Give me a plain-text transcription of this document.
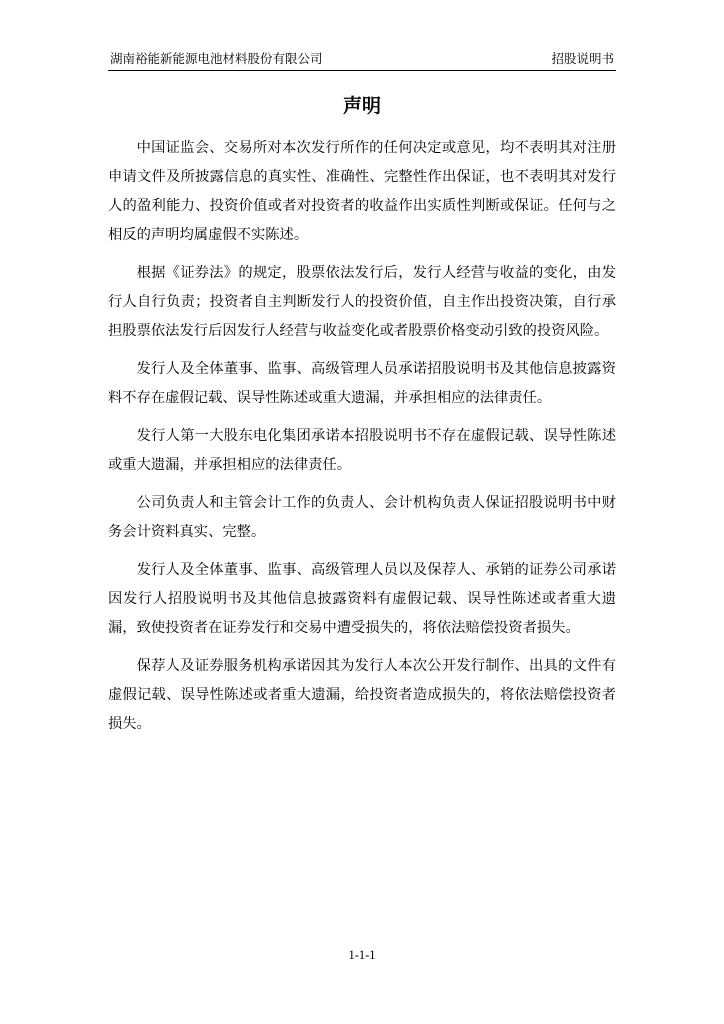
湖南裕能新能源电池材料股份有限公司	招股说明书
声明

中国证监会、交易所对本次发行所作的任何决定或意见，均不表明其对注册申请文件及所披露信息的真实性、准确性、完整性作出保证，也不表明其对发行人的盈利能力、投资价值或者对投资者的收益作出实质性判断或保证。任何与之相反的声明均属虚假不实陈述。

根据《证券法》的规定，股票依法发行后，发行人经营与收益的变化，由发行人自行负责；投资者自主判断发行人的投资价值，自主作出投资决策，自行承担股票依法发行后因发行人经营与收益变化或者股票价格变动引致的投资风险。

发行人及全体董事、监事、高级管理人员承诺招股说明书及其他信息披露资料不存在虚假记载、误导性陈述或重大遗漏，并承担相应的法律责任。

发行人第一大股东电化集团承诺本招股说明书不存在虚假记载、误导性陈述或重大遗漏，并承担相应的法律责任。

公司负责人和主管会计工作的负责人、会计机构负责人保证招股说明书中财务会计资料真实、完整。

发行人及全体董事、监事、高级管理人员以及保荐人、承销的证券公司承诺因发行人招股说明书及其他信息披露资料有虚假记载、误导性陈述或者重大遗漏，致使投资者在证券发行和交易中遭受损失的，将依法赔偿投资者损失。

保荐人及证券服务机构承诺因其为发行人本次公开发行制作、出具的文件有虚假记载、误导性陈述或者重大遗漏，给投资者造成损失的，将依法赔偿投资者损失。

1-1-1
